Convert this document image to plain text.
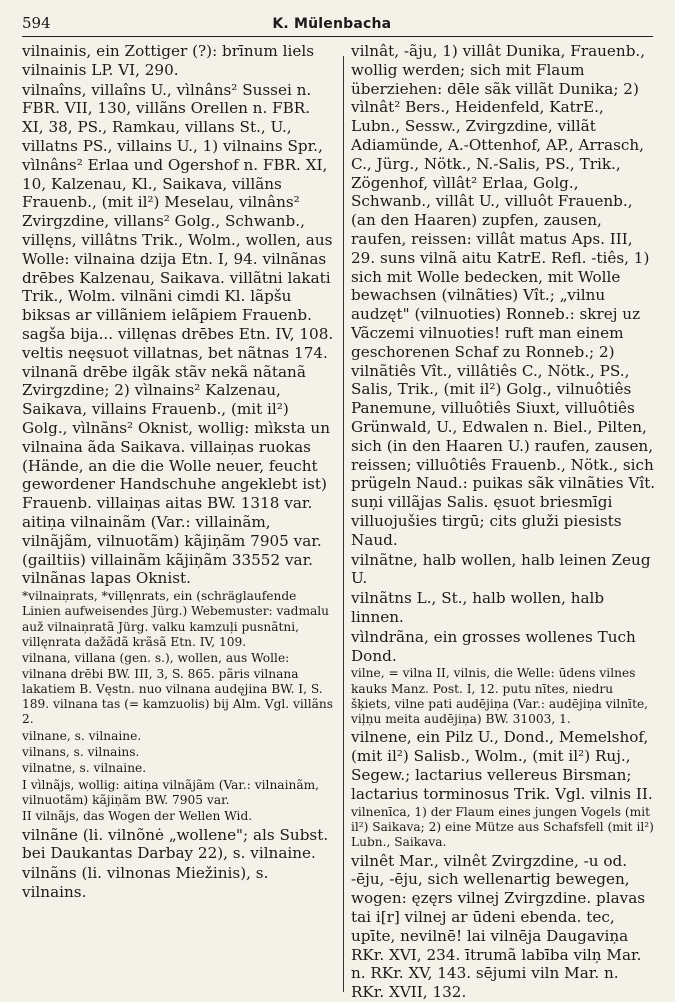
594	K. Mülenbacha

vilnainis, ein Zottiger (?): brīnum liels vilnainis LP. VI, 290.

vilnaîns, villaîns U., vìlnâns² Sussei n. FBR. VII, 130, villãns Orellen n. FBR. XI, 38, PS., Ramkau, villans St., U., villatns PS., villains U., 1) vilnains Spr., vìlnâns² Erlaa und Ogershof n. FBR. XI, 10, Kalzenau, Kl., Saikava, villãns Frauenb., (mit il²) Meselau, vilnâns² Zvirgzdine, villans² Golg., Schwanb., villęns, villâtns Trik., Wolm., wollen, aus Wolle: vilnaina dzija Etn. I, 94. vilnãnas drēbes Kalzenau, Saikava. villãtni lakati Trik., Wolm. vilnãni cimdi Kl. lãpšu biksas ar villãniem ielãpiem Frauenb. sagša bija... villęnas drēbes Etn. IV, 108. veltis neęsuot villatnas, bet nãtnas 174. vilnanã drēbe ilgãk stãv nekã nãtanã Zvirgzdine; 2) vìlnains² Kalzenau, Saikava, villains Frauenb., (mit il²) Golg., vìlnãns² Oknist, wollig: mìksta un vilnaina ãda Saikava. villaiņas ruokas (Hände, an die die Wolle neuer, feucht gewordener Handschuhe angeklebt ist) Frauenb. villaiņas aitas BW. 1318 var. aitiņa vilnainãm (Var.: villainãm, vilnãjãm, vilnuotãm) kãjiņãm 7905 var. (gailtiis) villainãm kãjiņãm 33552 var. vilnãnas lapas Oknist.

*vilnaiņrats, *villęnrats, ein (schräglaufende Linien aufweisendes Jürg.) Webemuster: vadmalu auž vilnaiņratã Jürg. valku kamzuļi pusnãtni, villęnrata dažãdã krãsã Etn. IV, 109.

vilnana, villana (gen. s.), wollen, aus Wolle: vilnana drēbi BW. III, 3, S. 865. pãris vilnana lakatiem B. Vęstn. nuo vilnana audęjina BW. I, S. 189. vilnana tas (= kamzuolis) bij Alm. Vgl. villãns 2.

vilnane, s. vilnaine.

vilnans, s. vilnains.

vilnatne, s. vilnaine.

I vìlnãjs, wollig: aitiņa vilnãjãm (Var.: vilnainãm, vilnuotãm) kãjiņãm BW. 7905 var.

II vilnãjs, das Wogen der Wellen Wid.

vilnãne (li. vilnõnė „wollene"; als Subst. bei Daukantas Darbay 22), s. vilnaine.

vilnãns (li. vilnonas Miežinis), s. vilnains.

vilnât, -ãju, 1) villât Dunika, Frauenb., wollig werden; sich mit Flaum überziehen: dēle sãk villãt Dunika; 2) vìlnât² Bers., Heidenfeld, KatrE., Lubn., Sessw., Zvirgzdine, villãt Adiamünde, A.-Ottenhof, AP., Arrasch, C., Jürg., Nötk., N.-Salis, PS., Trik., Zögenhof, vìllât² Erlaa, Golg., Schwanb., villât U., villuôt Frauenb., (an den Haaren) zupfen, zausen, raufen, reissen: villât matus Aps. III, 29. suns vilnã aitu KatrE. Refl. -tiês, 1) sich mit Wolle bedecken, mit Wolle bewachsen (vilnãties) Vît.; „vilnu audzęt" (vilnuoties) Ronneb.: skrej uz Vãczemi vilnuoties! ruft man einem geschorenen Schaf zu Ronneb.; 2) vilnãtiês Vît., villâtiês C., Nötk., PS., Salis, Trik., (mit il²) Golg., vilnuôtiês Panemune, villuôtiês Siuxt, villuôtiês Grünwald, U., Edwalen n. Biel., Pilten, sich (in den Haaren U.) raufen, zausen, reissen; villuôtiês Frauenb., Nötk., sich prügeln Naud.: puikas sãk vilnãties Vît. suņi villãjas Salis. ęsuot briesmīgi villuojušies tirgū; cits gluži piesists Naud.

vilnãtne, halb wollen, halb leinen Zeug U.

vilnãtns L., St., halb wollen, halb linnen.

vìlndrãna, ein grosses wollenes Tuch Dond.

vilne, = vilna II, vilnis, die Welle: ūdens vilnes kauks Manz. Post. I, 12. putu nītes, niedru šķiets, vilne pati audējiņa (Var.: audējiņa vilnīte, viļņu meita audējiņa) BW. 31003, 1.

vilnene, ein Pilz U., Dond., Memelshof, (mit il²) Salisb., Wolm., (mit il²) Ruj., Segew.; lactarius vellereus Birsman; lactarius torminosus Trik. Vgl. vilnis II.

vilnenīca, 1) der Flaum eines jungen Vogels (mit il²) Saikava; 2) eine Mütze aus Schafsfell (mit il²) Lubn., Saikava.

vilnêt Mar., vilnêt Zvirgzdine, -u od. -ēju, -ēju, sich wellenartig bewegen, wogen: ęzęrs vilnej Zvirgzdine. plavas tai i[r] vilnej ar ūdeni ebenda. tec, upīte, nevilnē! lai vilnēja Daugaviņa RKr. XVI, 234. ītrumã labība vilņ Mar. n. RKr. XV, 143. sējumi viln Mar. n. RKr. XVII, 132.
